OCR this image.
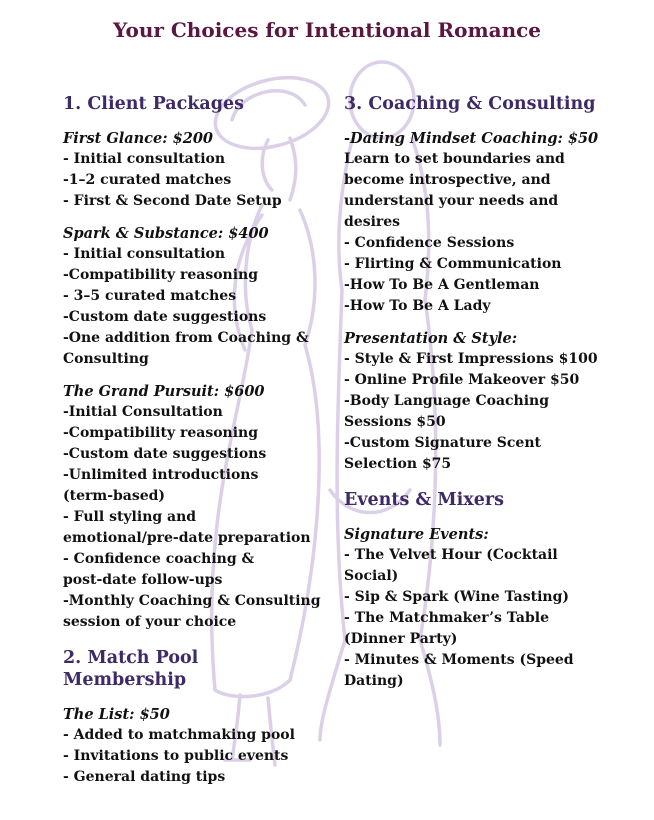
Your Choices for Intentional Romance
1. Client Packages

First Glance: $200

- Initial consultation

-1–2 curated matches

- First & Second Date Setup

Spark & Substance: $400

- Initial consultation

-Compatibility reasoning

- 3–5 curated matches

-Custom date suggestions

-One addition from Coaching &

Consulting

The Grand Pursuit: $600

-Initial Consultation

-Compatibility reasoning

-Custom date suggestions

-Unlimited introductions

(term-based)

- Full styling and

emotional/pre-date preparation

- Confidence coaching &

post-date follow-ups

-Monthly Coaching & Consulting

session of your choice

2. Match Pool Membership

The List: $50

- Added to matchmaking pool

- Invitations to public events

- General dating tips

3. Coaching & Consulting

-Dating Mindset Coaching: $50

Learn to set boundaries and

become introspective, and

understand your needs and

desires

- Confidence Sessions

- Flirting & Communication

-How To Be A Gentleman

-How To Be A Lady

Presentation & Style:

- Style & First Impressions $100

- Online Profile Makeover $50

-Body Language Coaching

Sessions $50

-Custom Signature Scent

Selection $75

Events & Mixers

Signature Events:

- The Velvet Hour (Cocktail

Social)

- Sip & Spark (Wine Tasting)

- The Matchmaker’s Table

(Dinner Party)

- Minutes & Moments (Speed

Dating)
